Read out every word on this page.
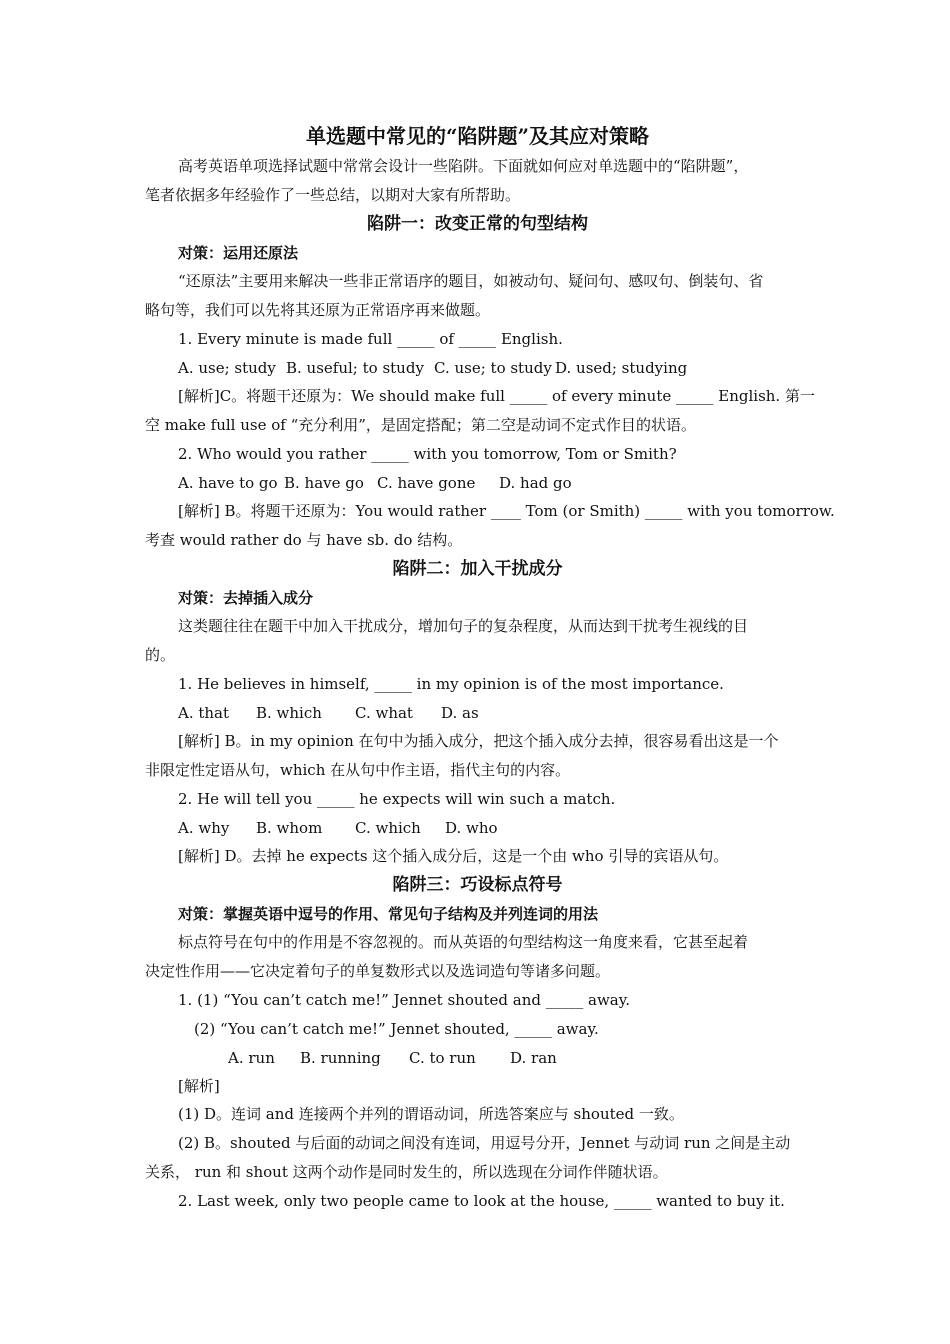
单选题中常见的“陷阱题”及其应对策略
高考英语单项选择试题中常常会设计一些陷阱。下面就如何应对单选题中的“陷阱题”，
笔者依据多年经验作了一些总结，以期对大家有所帮助。
陷阱一：改变正常的句型结构
对策：运用还原法
“还原法”主要用来解决一些非正常语序的题目，如被动句、疑问句、感叹句、倒装句、省
略句等，我们可以先将其还原为正常语序再来做题。
1. Every minute is made full _____ of _____ English.
A. use; study B. useful; to study C. use; to study D. used; studying
[解析]C。将题干还原为：We should make full _____ of every minute _____ English. 第一
空 make full use of “充分利用”，是固定搭配；第二空是动词不定式作目的状语。
2. Who would you rather _____ with you tomorrow, Tom or Smith?
A. have to go B. have go C. have gone D. had go
[解析] B。将题干还原为：You would rather ____ Tom (or Smith) _____ with you tomorrow.
考查 would rather do 与 have sb. do 结构。
陷阱二：加入干扰成分
对策：去掉插入成分
这类题往往在题干中加入干扰成分，增加句子的复杂程度，从而达到干扰考生视线的目
的。
1. He believes in himself, _____ in my opinion is of the most importance.
A. that B. which C. what D. as
[解析] B。in my opinion 在句中为插入成分，把这个插入成分去掉，很容易看出这是一个
非限定性定语从句，which 在从句中作主语，指代主句的内容。
2. He will tell you _____ he expects will win such a match.
A. why B. whom C. which D. who
[解析] D。去掉 he expects 这个插入成分后，这是一个由 who 引导的宾语从句。
陷阱三：巧设标点符号
对策：掌握英语中逗号的作用、常见句子结构及并列连词的用法
标点符号在句中的作用是不容忽视的。而从英语的句型结构这一角度来看，它甚至起着
决定性作用——它决定着句子的单复数形式以及选词造句等诸多问题。
1. (1) “You can’t catch me!” Jennet shouted and _____ away.
(2) “You can’t catch me!” Jennet shouted, _____ away.
A. run B. running C. to run D. ran
[解析]
(1) D。连词 and 连接两个并列的谓语动词，所选答案应与 shouted 一致。
(2) B。shouted 与后面的动词之间没有连词，用逗号分开，Jennet 与动词 run 之间是主动
关系， run 和 shout 这两个动作是同时发生的，所以选现在分词作伴随状语。
2. Last week, only two people came to look at the house, _____ wanted to buy it.
